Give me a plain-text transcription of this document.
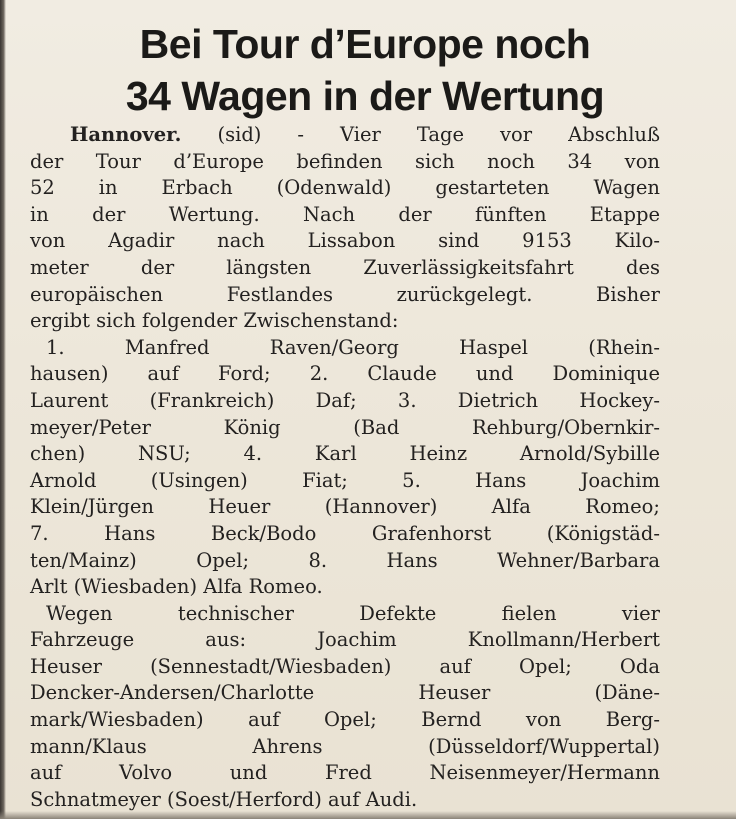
Bei Tour d’Europe noch
34 Wagen in der Wertung
Hannover. (sid) - Vier Tage vor Abschluß
der Tour d’Europe befinden sich noch 34 von
52 in Erbach (Odenwald) gestarteten Wagen
in der Wertung. Nach der fünften Etappe
von Agadir nach Lissabon sind 9153 Kilo-
meter der längsten Zuverlässigkeitsfahrt des
europäischen Festlandes zurückgelegt. Bisher
ergibt sich folgender Zwischenstand:
1. Manfred Raven/Georg Haspel (Rhein-
hausen) auf Ford; 2. Claude und Dominique
Laurent (Frankreich) Daf; 3. Dietrich Hockey-
meyer/Peter König (Bad Rehburg/Obernkir-
chen) NSU; 4. Karl Heinz Arnold/Sybille
Arnold (Usingen) Fiat; 5. Hans Joachim
Klein/Jürgen Heuer (Hannover) Alfa Romeo;
7. Hans Beck/Bodo Grafenhorst (Königstäd-
ten/Mainz) Opel; 8. Hans Wehner/Barbara
Arlt (Wiesbaden) Alfa Romeo.
Wegen technischer Defekte fielen vier
Fahrzeuge aus: Joachim Knollmann/Herbert
Heuser (Sennestadt/Wiesbaden) auf Opel; Oda
Dencker-Andersen/Charlotte Heuser (Däne-
mark/Wiesbaden) auf Opel; Bernd von Berg-
mann/Klaus Ahrens (Düsseldorf/Wuppertal)
auf Volvo und Fred Neisenmeyer/Hermann
Schnatmeyer (Soest/Herford) auf Audi.
